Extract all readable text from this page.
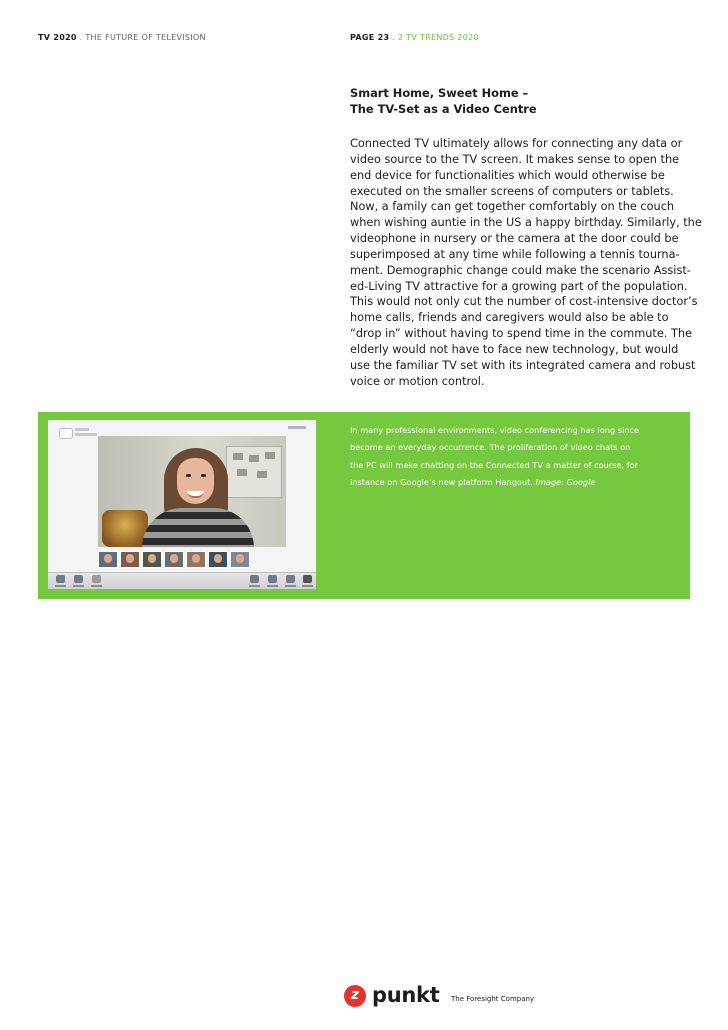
TV 2020 . THE FUTURE OF TELEVISION	PAGE 23 . 2 TV TRENDS 2020
Smart Home, Sweet Home –
The TV-Set as a Video Centre

Connected TV ultimately allows for connecting any data or
video source to the TV screen. It makes sense to open the
end device for functionalities which would otherwise be
executed on the smaller screens of computers or tablets.
Now, a family can get together comfortably on the couch
when wishing auntie in the US a happy birthday. Similarly, the
videophone in nursery or the camera at the door could be
superimposed at any time while following a tennis tourna-
ment. Demographic change could make the scenario Assist-
ed-Living TV attractive for a growing part of the population.
This would not only cut the number of cost-intensive doctor’s
home calls, friends and caregivers would also be able to
“drop in” without having to spend time in the commute. The
elderly would not have to face new technology, but would
use the familiar TV set with its integrated camera and robust
voice or motion control.

In many professional environments, video conferencing has long since
become an everyday occurrence. The proliferation of video chats on
the PC will make chatting on the Connected TV a matter of course, for
instance on Google’s new platform Hangout. Image: Google
z punkt The Foresight Company
